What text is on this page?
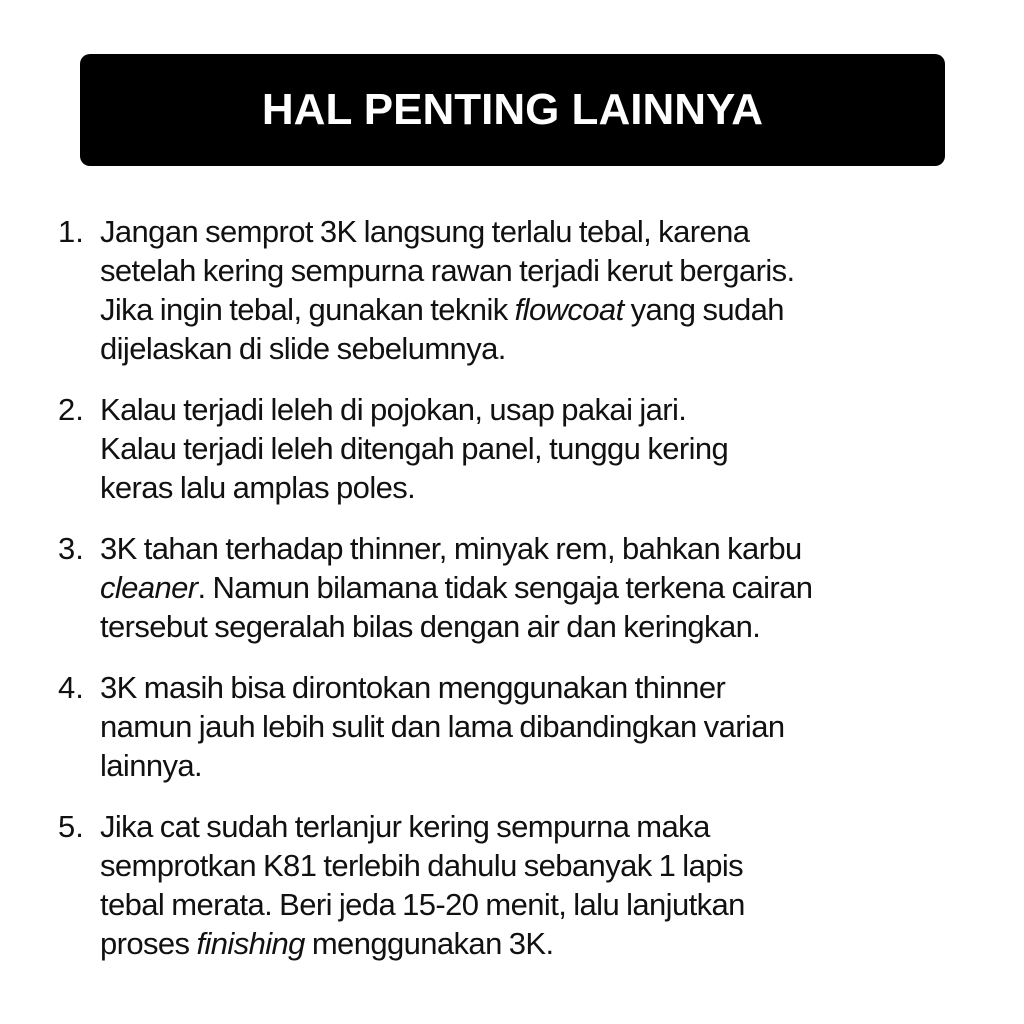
HAL PENTING LAINNYA
1. Jangan semprot 3K langsung terlalu tebal, karena
setelah kering sempurna rawan terjadi kerut bergaris.
Jika ingin tebal, gunakan teknik flowcoat yang sudah
dijelaskan di slide sebelumnya.
2. Kalau terjadi leleh di pojokan, usap pakai jari.
Kalau terjadi leleh ditengah panel, tunggu kering
keras lalu amplas poles.
3. 3K tahan terhadap thinner, minyak rem, bahkan karbu
cleaner. Namun bilamana tidak sengaja terkena cairan
tersebut segeralah bilas dengan air dan keringkan.
4. 3K masih bisa dirontokan menggunakan thinner
namun jauh lebih sulit dan lama dibandingkan varian
lainnya.
5. Jika cat sudah terlanjur kering sempurna maka
semprotkan K81 terlebih dahulu sebanyak 1 lapis
tebal merata. Beri jeda 15-20 menit, lalu lanjutkan
proses finishing menggunakan 3K.
